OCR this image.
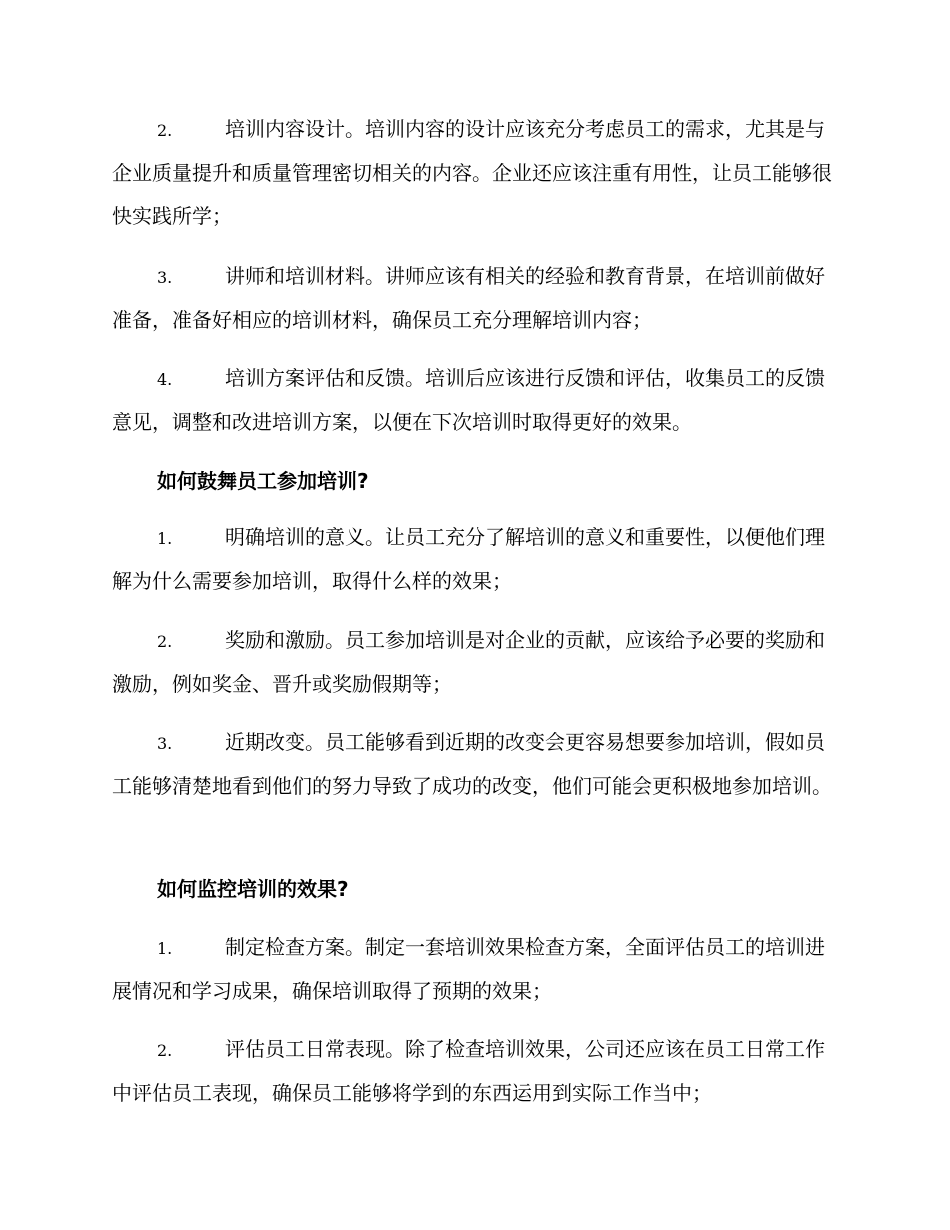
2.	培训内容设计。培训内容的设计应该充分考虑员工的需求，尤其是与企业质量提升和质量管理密切相关的内容。企业还应该注重有用性，让员工能够很快实践所学；

3.	讲师和培训材料。讲师应该有相关的经验和教育背景，在培训前做好准备，准备好相应的培训材料，确保员工充分理解培训内容；

4.	培训方案评估和反馈。培训后应该进行反馈和评估，收集员工的反馈意见，调整和改进培训方案，以便在下次培训时取得更好的效果。

如何鼓舞员工参加培训?

1.	明确培训的意义。让员工充分了解培训的意义和重要性，以便他们理解为什么需要参加培训，取得什么样的效果；

2.	奖励和激励。员工参加培训是对企业的贡献，应该给予必要的奖励和激励，例如奖金、晋升或奖励假期等；

3.	近期改变。员工能够看到近期的改变会更容易想要参加培训，假如员工能够清楚地看到他们的努力导致了成功的改变，他们可能会更积极地参加培训。

如何监控培训的效果?

1.	制定检查方案。制定一套培训效果检查方案，全面评估员工的培训进展情况和学习成果，确保培训取得了预期的效果；

2.	评估员工日常表现。除了检查培训效果，公司还应该在员工日常工作中评估员工表现，确保员工能够将学到的东西运用到实际工作当中；
